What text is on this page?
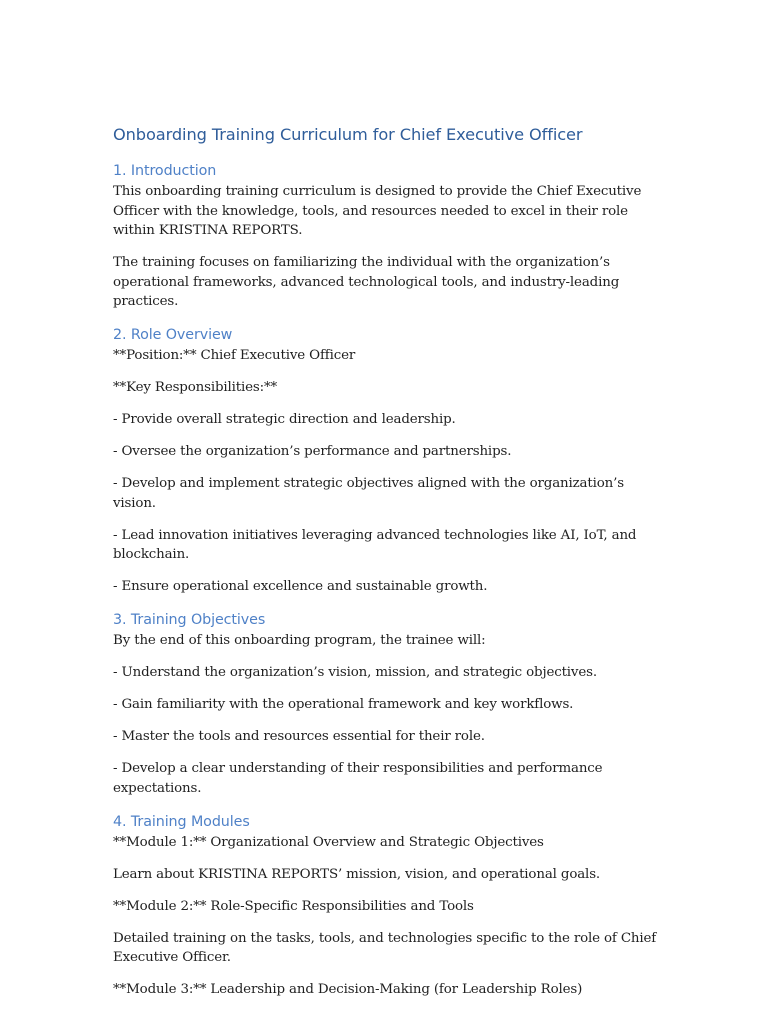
Onboarding Training Curriculum for Chief Executive Officer
1. Introduction

This onboarding training curriculum is designed to provide the Chief Executive Officer with the knowledge, tools, and resources needed to excel in their role within KRISTINA REPORTS.

The training focuses on familiarizing the individual with the organization’s operational frameworks, advanced technological tools, and industry-leading practices.

2. Role Overview

**Position:** Chief Executive Officer

**Key Responsibilities:**

- Provide overall strategic direction and leadership.

- Oversee the organization’s performance and partnerships.

- Develop and implement strategic objectives aligned with the organization’s vision.

- Lead innovation initiatives leveraging advanced technologies like AI, IoT, and blockchain.

- Ensure operational excellence and sustainable growth.

3. Training Objectives

By the end of this onboarding program, the trainee will:

- Understand the organization’s vision, mission, and strategic objectives.

- Gain familiarity with the operational framework and key workflows.

- Master the tools and resources essential for their role.

- Develop a clear understanding of their responsibilities and performance expectations.

4. Training Modules

**Module 1:** Organizational Overview and Strategic Objectives

Learn about KRISTINA REPORTS’ mission, vision, and operational goals.

**Module 2:** Role-Specific Responsibilities and Tools

Detailed training on the tasks, tools, and technologies specific to the role of Chief Executive Officer.

**Module 3:** Leadership and Decision-Making (for Leadership Roles)
